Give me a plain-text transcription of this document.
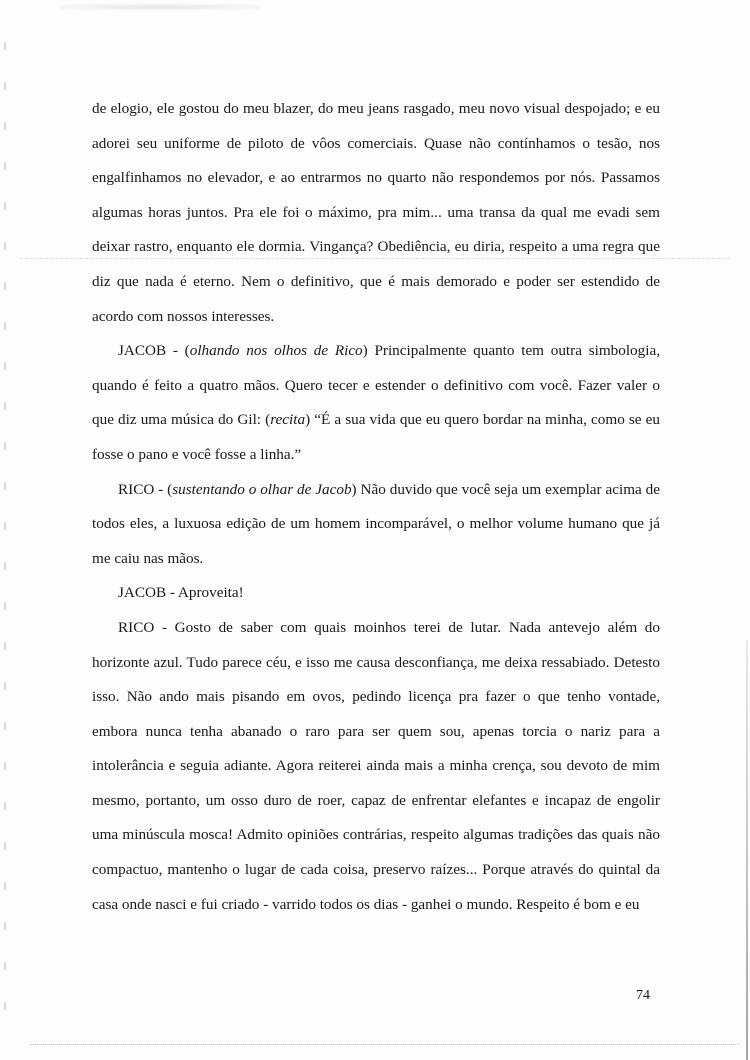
de elogio, ele gostou do meu blazer, do meu jeans rasgado, meu novo visual despojado; e eu adorei seu uniforme de piloto de vôos comerciais. Quase não contínhamos o tesão, nos engalfinhamos no elevador, e ao entrarmos no quarto não respondemos por nós. Passamos algumas horas juntos. Pra ele foi o máximo, pra mim... uma transa da qual me evadi sem deixar rastro, enquanto ele dormia. Vingança? Obediência, eu diria, respeito a uma regra que diz que nada é eterno. Nem o definitivo, que é mais demorado e poder ser estendido de acordo com nossos interesses.

JACOB - (olhando nos olhos de Rico) Principalmente quanto tem outra simbologia, quando é feito a quatro mãos. Quero tecer e estender o definitivo com você. Fazer valer o que diz uma música do Gil: (recita) “É a sua vida que eu quero bordar na minha, como se eu fosse o pano e você fosse a linha.”

RICO - (sustentando o olhar de Jacob) Não duvido que você seja um exemplar acima de todos eles, a luxuosa edição de um homem incomparável, o melhor volume humano que já me caiu nas mãos.

JACOB - Aproveita!

RICO - Gosto de saber com quais moinhos terei de lutar. Nada antevejo além do horizonte azul. Tudo parece céu, e isso me causa desconfiança, me deixa ressabiado. Detesto isso. Não ando mais pisando em ovos, pedindo licença pra fazer o que tenho vontade, embora nunca tenha abanado o raro para ser quem sou, apenas torcia o nariz para a intolerância e seguia adiante. Agora reiterei ainda mais a minha crença, sou devoto de mim mesmo, portanto, um osso duro de roer, capaz de enfrentar elefantes e incapaz de engolir uma minúscula mosca! Admito opiniões contrárias, respeito algumas tradições das quais não compactuo, mantenho o lugar de cada coisa, preservo raízes... Porque através do quintal da casa onde nasci e fui criado - varrido todos os dias - ganhei o mundo. Respeito é bom e eu

74
